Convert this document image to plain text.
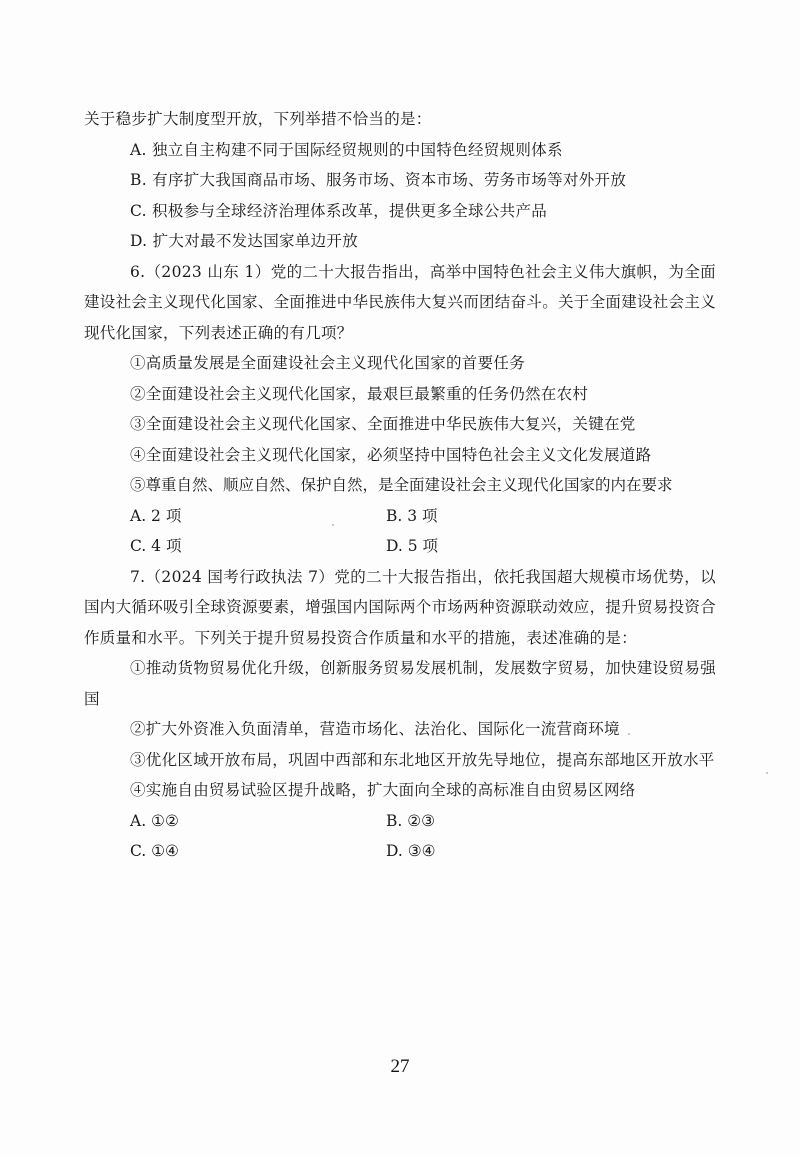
关于稳步扩大制度型开放，下列举措不恰当的是：
A. 独立自主构建不同于国际经贸规则的中国特色经贸规则体系
B. 有序扩大我国商品市场、服务市场、资本市场、劳务市场等对外开放
C. 积极参与全球经济治理体系改革，提供更多全球公共产品
D. 扩大对最不发达国家单边开放
6.（2023 山东 1）党的二十大报告指出，高举中国特色社会主义伟大旗帜，为全面建设社会主义现代化国家、全面推进中华民族伟大复兴而团结奋斗。关于全面建设社会主义现代化国家，下列表述正确的有几项？
①高质量发展是全面建设社会主义现代化国家的首要任务
②全面建设社会主义现代化国家，最艰巨最繁重的任务仍然在农村
③全面建设社会主义现代化国家、全面推进中华民族伟大复兴，关键在党
④全面建设社会主义现代化国家，必须坚持中国特色社会主义文化发展道路
⑤尊重自然、顺应自然、保护自然，是全面建设社会主义现代化国家的内在要求
A. 2 项	B. 3 项
C. 4 项	D. 5 项
7.（2024 国考行政执法 7）党的二十大报告指出，依托我国超大规模市场优势，以国内大循环吸引全球资源要素，增强国内国际两个市场两种资源联动效应，提升贸易投资合作质量和水平。下列关于提升贸易投资合作质量和水平的措施，表述准确的是：
①推动货物贸易优化升级，创新服务贸易发展机制，发展数字贸易，加快建设贸易强国
②扩大外资准入负面清单，营造市场化、法治化、国际化一流营商环境
③优化区域开放布局，巩固中西部和东北地区开放先导地位，提高东部地区开放水平
④实施自由贸易试验区提升战略，扩大面向全球的高标准自由贸易区网络
A. ①②	B. ②③
C. ①④	D. ③④
27
